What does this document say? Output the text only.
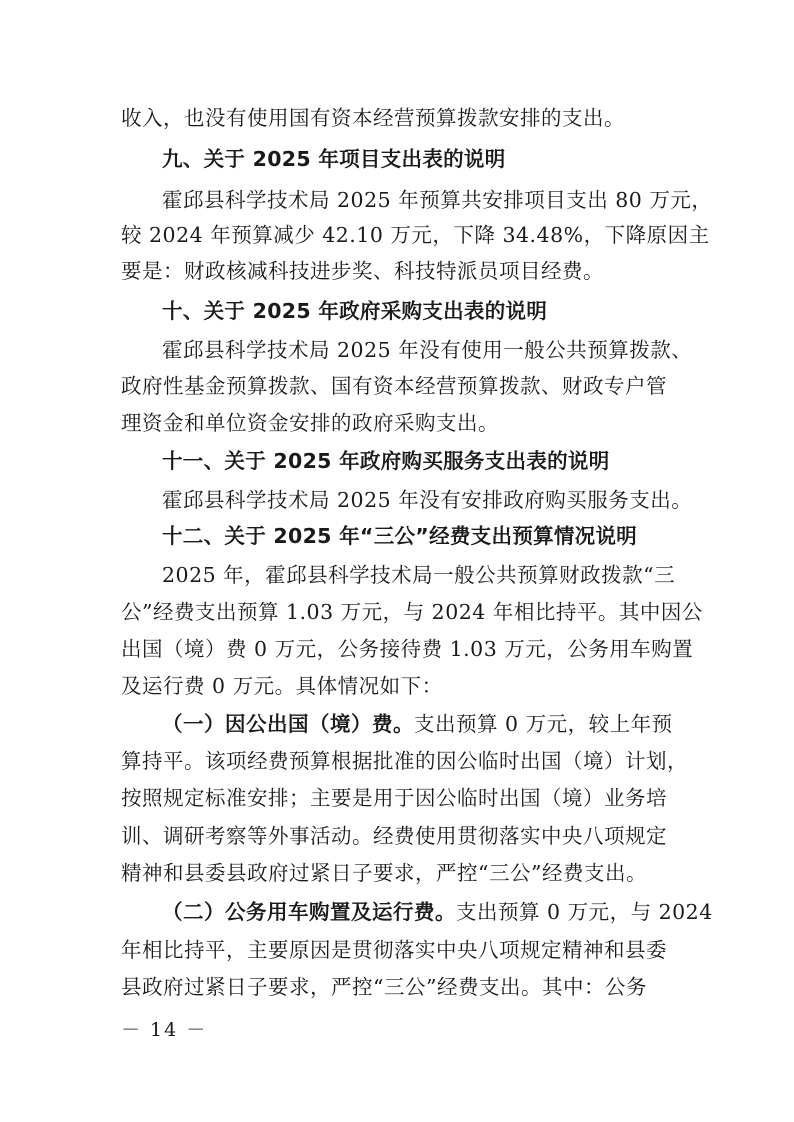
收入，也没有使用国有资本经营预算拨款安排的支出。
九、关于 2025 年项目支出表的说明
霍邱县科学技术局 2025 年预算共安排项目支出 80 万元，
较 2024 年预算减少 42.10 万元，下降 34.48%，下降原因主
要是：财政核减科技进步奖、科技特派员项目经费。
十、关于 2025 年政府采购支出表的说明
霍邱县科学技术局 2025 年没有使用一般公共预算拨款、
政府性基金预算拨款、国有资本经营预算拨款、财政专户管
理资金和单位资金安排的政府采购支出。
十一、关于 2025 年政府购买服务支出表的说明
霍邱县科学技术局 2025 年没有安排政府购买服务支出。
十二、关于 2025 年“三公”经费支出预算情况说明
2025 年，霍邱县科学技术局一般公共预算财政拨款“三
公”经费支出预算 1.03 万元，与 2024 年相比持平。其中因公
出国（境）费 0 万元，公务接待费 1.03 万元，公务用车购置
及运行费 0 万元。具体情况如下：
（一）因公出国（境）费。支出预算 0 万元，较上年预
算持平。该项经费预算根据批准的因公临时出国（境）计划，
按照规定标准安排；主要是用于因公临时出国（境）业务培
训、调研考察等外事活动。经费使用贯彻落实中央八项规定
精神和县委县政府过紧日子要求，严控“三公”经费支出。
（二）公务用车购置及运行费。支出预算 0 万元，与 2024
年相比持平，主要原因是贯彻落实中央八项规定精神和县委
县政府过紧日子要求，严控“三公”经费支出。其中：公务
－ 14 －
